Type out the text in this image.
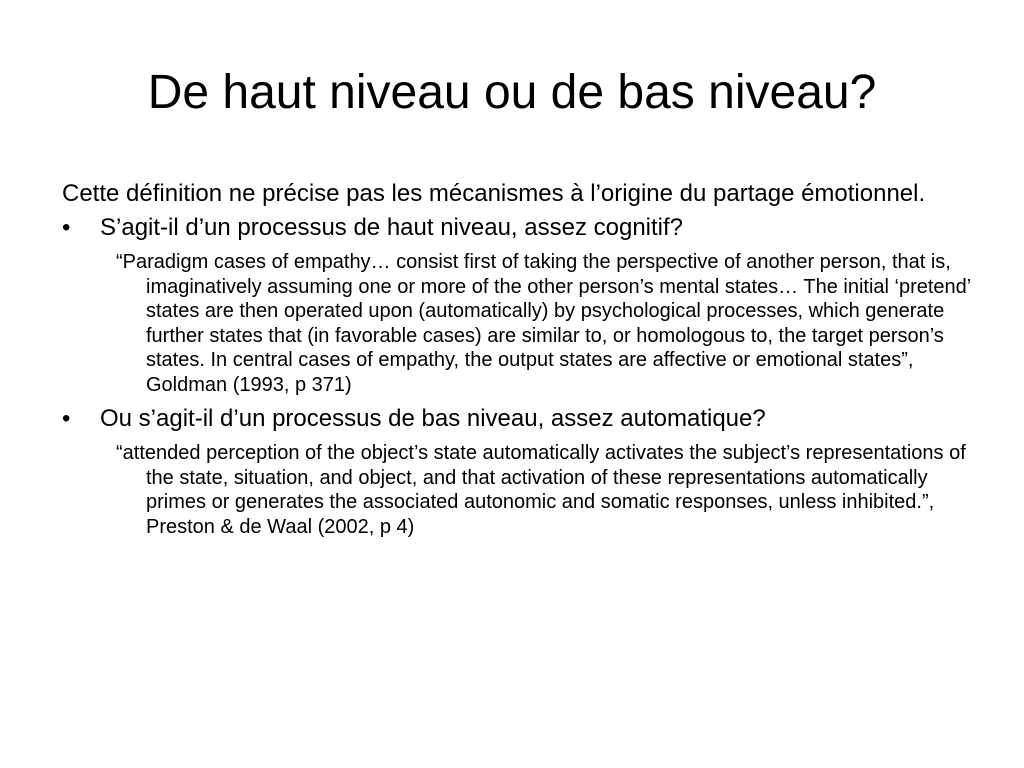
De haut niveau ou de bas niveau?

Cette définition ne précise pas les mécanismes à l’origine du partage émotionnel.

• S’agit-il d’un processus de haut niveau, assez cognitif?

“Paradigm cases of empathy… consist first of taking the perspective of another person, that is, imaginatively assuming one or more of the other person’s mental states… The initial ‘pretend’ states are then operated upon (automatically) by psychological processes, which generate further states that (in favorable cases) are similar to, or homologous to, the target person’s states. In central cases of empathy, the output states are affective or emotional states”, Goldman (1993, p 371)

• Ou s’agit-il d’un processus de bas niveau, assez automatique?

“attended perception of the object’s state automatically activates the subject’s representations of the state, situation, and object, and that activation of these representations automatically primes or generates the associated autonomic and somatic responses, unless inhibited.”, Preston & de Waal (2002, p 4)
